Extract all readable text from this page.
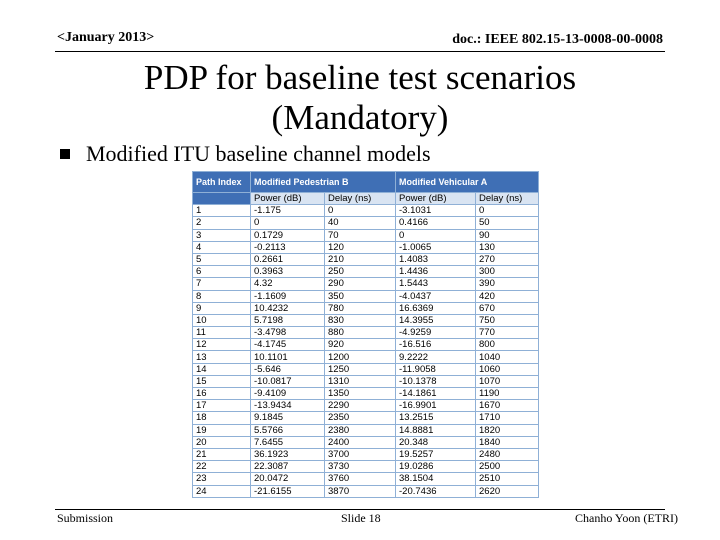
<January 2013>	doc.: IEEE 802.15-13-0008-00-0008
PDP for baseline test scenarios
(Mandatory)
Modified ITU baseline channel models
Path Index	Modified Pedestrian B		Modified Vehicular A	
	Power (dB)	Delay (ns)	Power (dB)	Delay (ns)
1	-1.175	0	-3.1031	0
2	0	40	0.4166	50
3	0.1729	70	0	90
4	-0.2113	120	-1.0065	130
5	0.2661	210	1.4083	270
6	0.3963	250	1.4436	300
7	4.32	290	1.5443	390
8	-1.1609	350	-4.0437	420
9	10.4232	780	16.6369	670
10	5.7198	830	14.3955	750
11	-3.4798	880	-4.9259	770
12	-4.1745	920	-16.516	800
13	10.1101	1200	9.2222	1040
14	-5.646	1250	-11.9058	1060
15	-10.0817	1310	-10.1378	1070
16	-9.4109	1350	-14.1861	1190
17	-13.9434	2290	-16.9901	1670
18	9.1845	2350	13.2515	1710
19	5.5766	2380	14.8881	1820
20	7.6455	2400	20.348	1840
21	36.1923	3700	19.5257	2480
22	22.3087	3730	19.0286	2500
23	20.0472	3760	38.1504	2510
24	-21.6155	3870	-20.7436	2620
Submission	Slide 18	Chanho Yoon (ETRI)
